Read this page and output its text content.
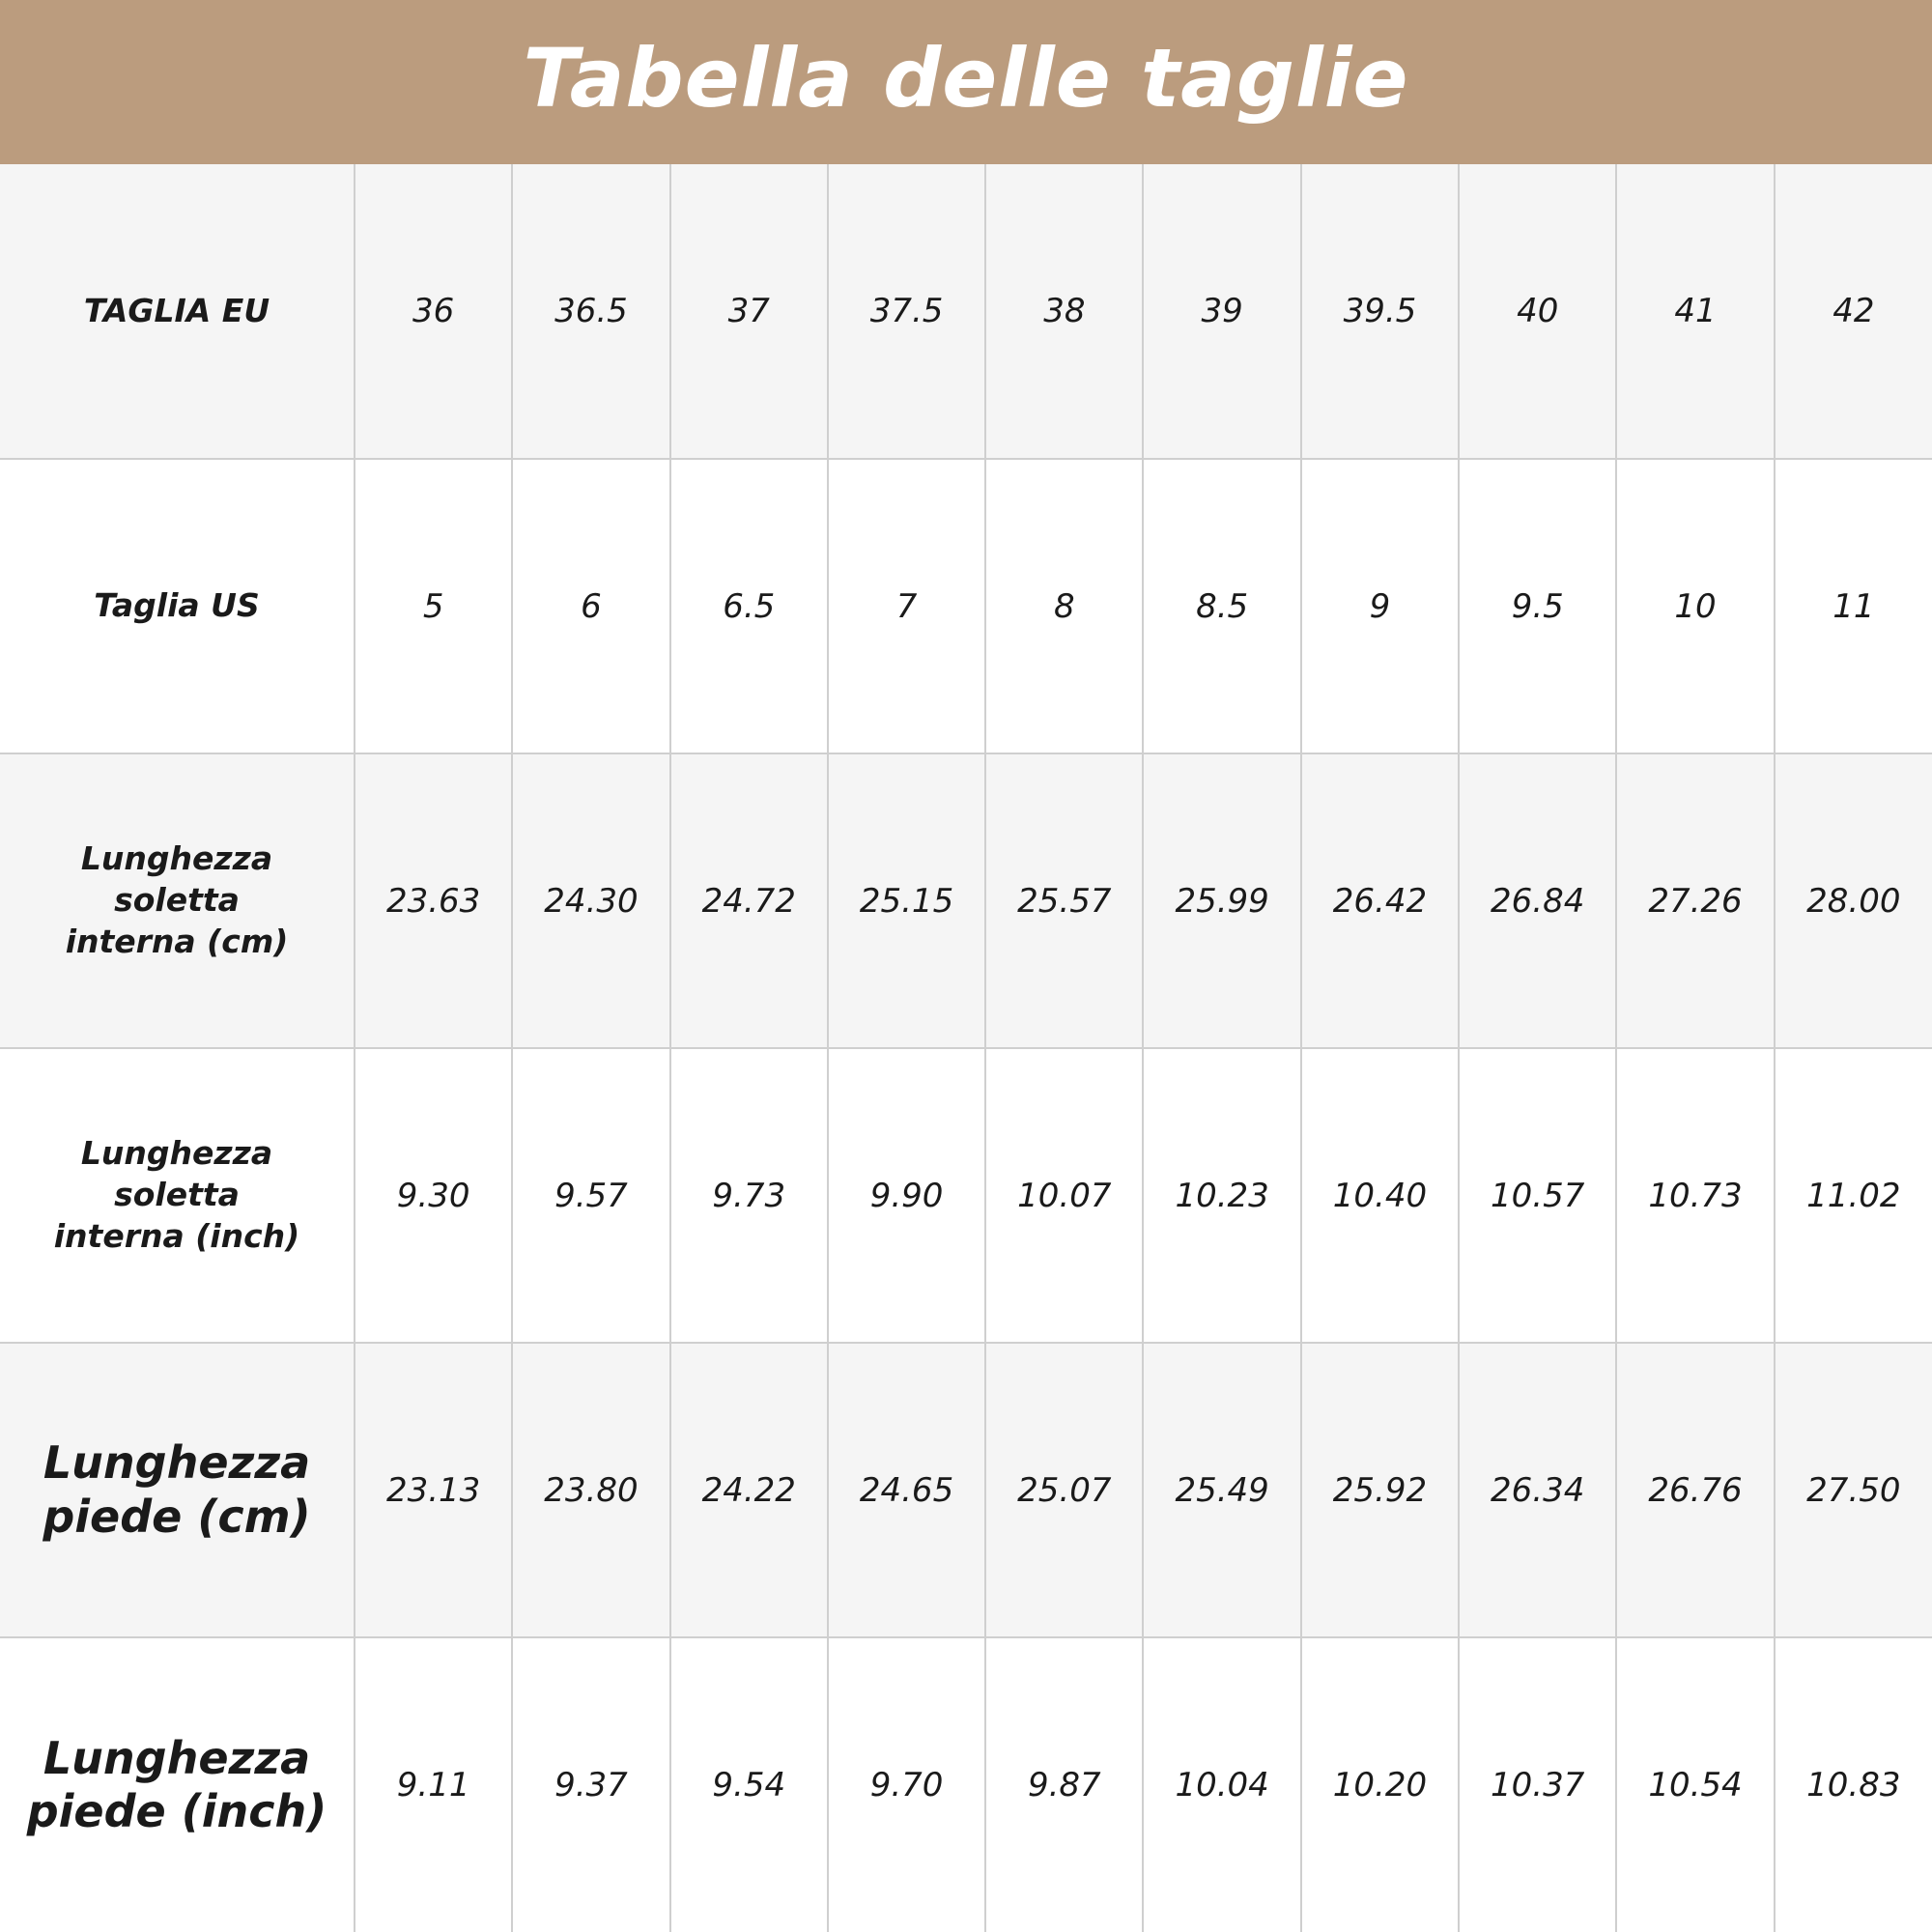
Tabella delle taglie
TAGLIA EU	36	36.5	37	37.5	38	39	39.5	40	41	42

Taglia US	5	6	6.5	7	8	8.5	9	9.5	10	11

Lunghezza soletta
interna (cm)	23.63	24.30	24.72	25.15	25.57	25.99	26.42	26.84	27.26	28.00

Lunghezza soletta
interna (inch)	9.30	9.57	9.73	9.90	10.07	10.23	10.40	10.57	10.73	11.02

Lunghezza
piede (cm)	23.13	23.80	24.22	24.65	25.07	25.49	25.92	26.34	26.76	27.50

Lunghezza
piede (inch)	9.11	9.37	9.54	9.70	9.87	10.04	10.20	10.37	10.54	10.83
